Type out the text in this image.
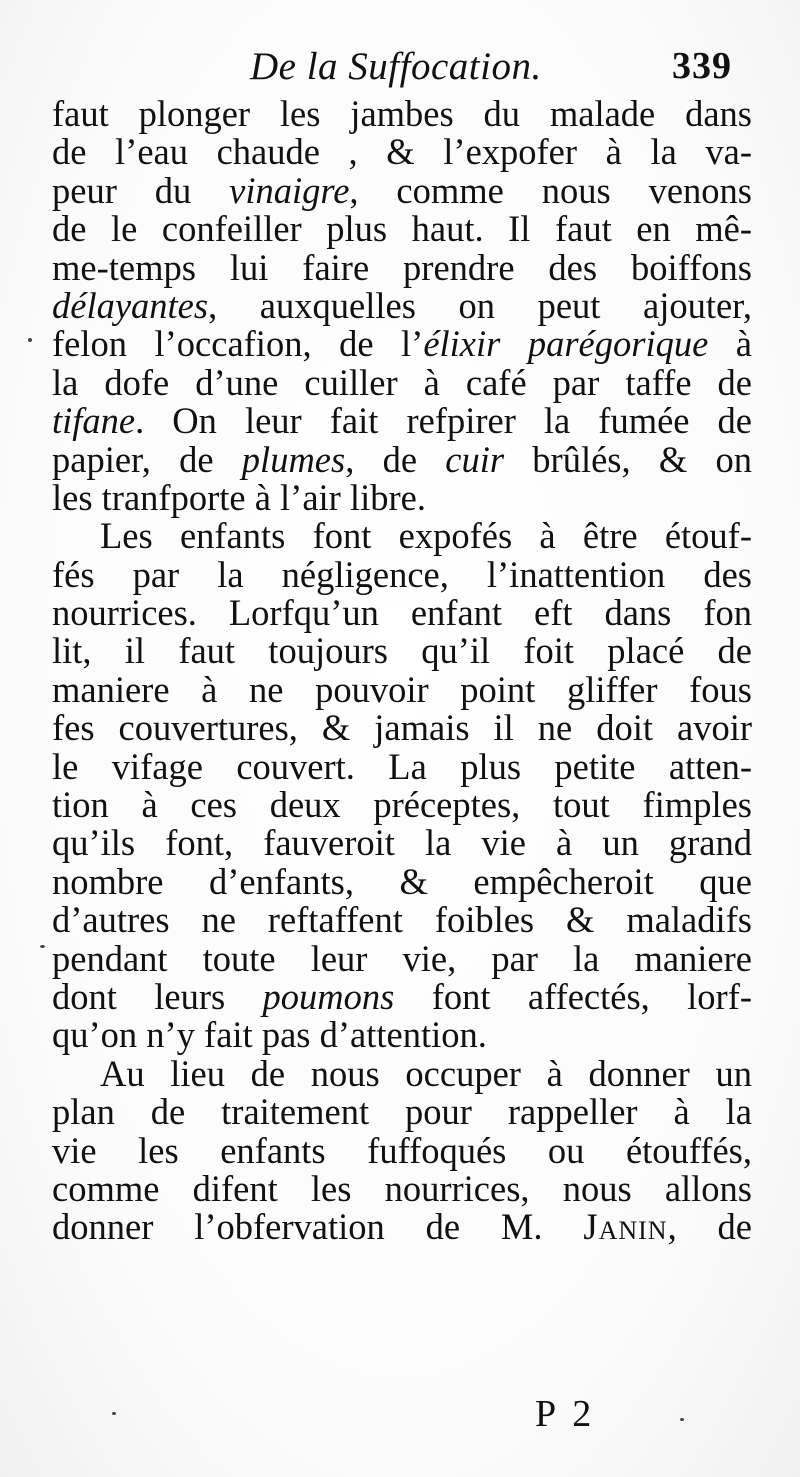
De la Suffocation.	339
faut plonger les jambes du malade dans
de l’eau chaude , & l’expofer à la va-
peur du vinaigre, comme nous venons
de le confeiller plus haut. Il faut en mê-
me-temps lui faire prendre des boiffons
délayantes, auxquelles on peut ajouter,
felon l’occafion, de l’élixir parégorique à
la dofe d’une cuiller à café par taffe de
tifane. On leur fait refpirer la fumée de
papier, de plumes, de cuir brûlés, & on
les tranfporte à l’air libre.
Les enfants font expofés à être étouf-
fés par la négligence, l’inattention des
nourrices. Lorfqu’un enfant eft dans fon
lit, il faut toujours qu’il foit placé de
maniere à ne pouvoir point gliffer fous
fes couvertures, & jamais il ne doit avoir
le vifage couvert. La plus petite atten-
tion à ces deux préceptes, tout fimples
qu’ils font, fauveroit la vie à un grand
nombre d’enfants, & empêcheroit que
d’autres ne reftaffent foibles & maladifs
pendant toute leur vie, par la maniere
dont leurs poumons font affectés, lorf-
qu’on n’y fait pas d’attention.
Au lieu de nous occuper à donner un
plan de traitement pour rappeller à la
vie les enfants fuffoqués ou étouffés,
comme difent les nourrices, nous allons
donner l’obfervation de M. Janin, de
P 2
